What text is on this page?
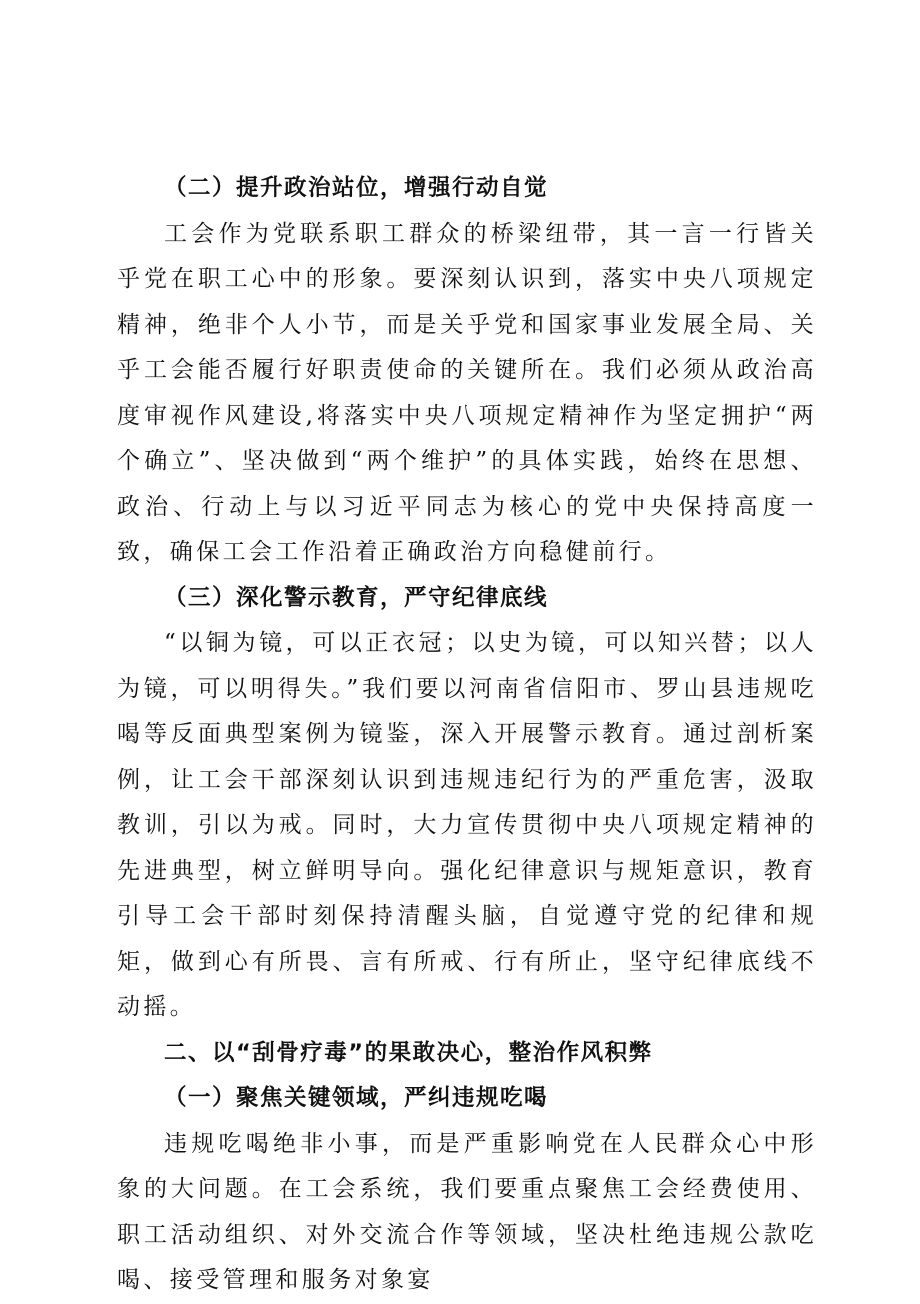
（二）提升政治站位，增强行动自觉

工会作为党联系职工群众的桥梁纽带，其一言一行皆关乎党在职工心中的形象。要深刻认识到，落实中央八项规定精神，绝非个人小节，而是关乎党和国家事业发展全局、关乎工会能否履行好职责使命的关键所在。我们必须从政治高度审视作风建设,将落实中央八项规定精神作为坚定拥护“两个确立”、坚决做到“两个维护”的具体实践，始终在思想、政治、行动上与以习近平同志为核心的党中央保持高度一致，确保工会工作沿着正确政治方向稳健前行。

（三）深化警示教育，严守纪律底线

“以铜为镜，可以正衣冠；以史为镜，可以知兴替；以人为镜，可以明得失。”我们要以河南省信阳市、罗山县违规吃喝等反面典型案例为镜鉴，深入开展警示教育。通过剖析案例，让工会干部深刻认识到违规违纪行为的严重危害，汲取教训，引以为戒。同时，大力宣传贯彻中央八项规定精神的先进典型，树立鲜明导向。强化纪律意识与规矩意识，教育引导工会干部时刻保持清醒头脑，自觉遵守党的纪律和规矩，做到心有所畏、言有所戒、行有所止，坚守纪律底线不动摇。

二、以“刮骨疗毒”的果敢决心，整治作风积弊

（一）聚焦关键领域，严纠违规吃喝

违规吃喝绝非小事，而是严重影响党在人民群众心中形象的大问题。在工会系统，我们要重点聚焦工会经费使用、职工活动组织、对外交流合作等领域，坚决杜绝违规公款吃喝、接受管理和服务对象宴
